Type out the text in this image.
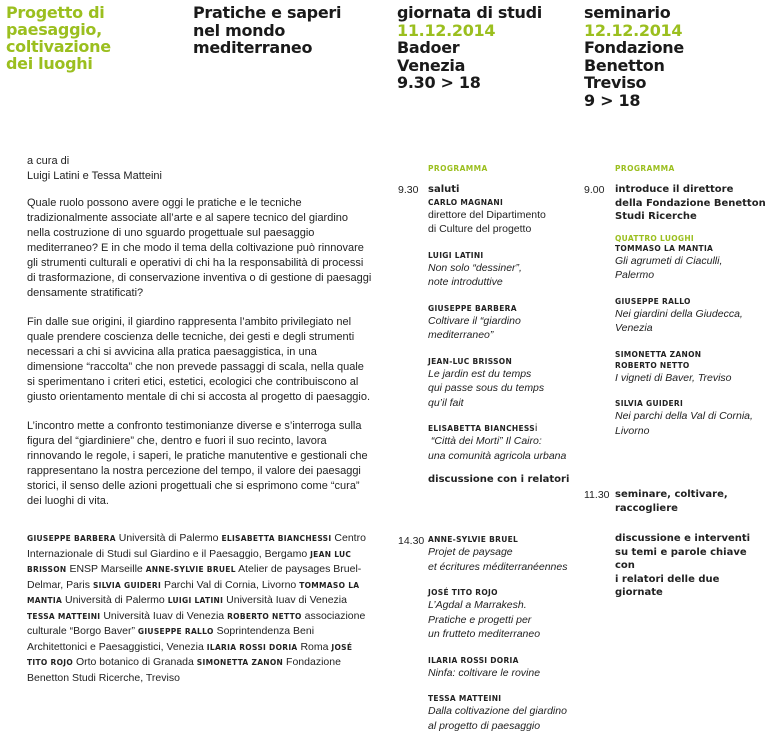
Progetto di
paesaggio,
coltivazione
dei luoghi
Pratiche e saperi
nel mondo
mediterraneo
giornata di studi
11.12.2014
Badoer
Venezia
9.30 > 18
seminario
12.12.2014
Fondazione Benetton
Treviso
9 > 18
a cura di
Luigi Latini e Tessa Matteini

Quale ruolo possono avere oggi le pratiche e le tecniche tradizionalmente associate all’arte e al sapere tecnico del giardino nella costruzione di uno sguardo progettuale sul paesaggio mediterraneo? E in che modo il tema della coltivazione può rinnovare gli strumenti culturali e operativi di chi ha la responsabilità di processi di trasformazione, di conservazione inventiva o di gestione di paesaggi densamente stratificati?

Fin dalle sue origini, il giardino rappresenta l’ambito privilegiato nel quale prendere coscienza delle tecniche, dei gesti e degli strumenti necessari a chi si avvicina alla pratica paesaggistica, in una dimensione “raccolta” che non prevede passaggi di scala, nella quale si sperimentano i criteri etici, estetici, ecologici che contribuiscono al giusto orientamento mentale di chi si accosta al progetto di paesaggio.

L’incontro mette a confronto testimonianze diverse e s’interroga sulla figura del “giardiniere” che, dentro e fuori il suo recinto, lavora rinnovando le regole, i saperi, le pratiche manutentive e gestionali che rappresentano la nostra percezione del tempo, il valore dei paesaggi storici, il senso delle azioni progettuali che si esprimono come “cura” dei luoghi di vita.

GIUSEPPE BARBERA Università di Palermo ELISABETTA BIANCHESSI Centro Internazionale di Studi sul Giardino e il Paesaggio, Bergamo JEAN LUC BRISSON ENSP Marseille ANNE-SYLVIE BRUEL Atelier de paysages Bruel-Delmar, Paris SILVIA GUIDERI Parchi Val di Cornia, Livorno TOMMASO LA MANTIA Università di Palermo LUIGI LATINI Università Iuav di Venezia TESSA MATTEINI Università Iuav di Venezia ROBERTO NETTO associazione culturale “Borgo Baver” GIUSEPPE RALLO Soprintendenza Beni Architettonici e Paesaggistici, Venezia ILARIA ROSSI DORIA Roma JOSÉ TITO ROJO Orto botanico di Granada SIMONETTA ZANON Fondazione Benetton Studi Ricerche, Treviso
PROGRAMMA
9.30 saluti
CARLO MAGNANI
direttore del Dipartimento
di Culture del progetto
LUIGI LATINI
Non solo “dessiner”,
note introduttive
GIUSEPPE BARBERA
Coltivare il “giardino
mediterraneo”
JEAN-LUC BRISSON
Le jardin est du temps
qui passe sous du temps
qu’il fait
ELISABETTA BIANCHESSi
“Città dei Morti” Il Cairo:
una comunità agricola urbana
discussione con i relatori
14.30 ANNE-SYLVIE BRUEL
Projet de paysage
et écritures méditerranéennes
JOSÉ TITO ROJO
L’Agdal a Marrakesh.
Pratiche e progetti per
un frutteto mediterraneo
ILARIA ROSSI DORIA
Ninfa: coltivare le rovine
TESSA MATTEINI
Dalla coltivazione del giardino
al progetto di paesaggio
PROGRAMMA
9.00 introduce il direttore
della Fondazione Benetton
Studi Ricerche
QUATTRO LUOGHI
TOMMASO LA MANTIA
Gli agrumeti di Ciaculli,
Palermo
GIUSEPPE RALLO
Nei giardini della Giudecca,
Venezia
SIMONETTA ZANON
ROBERTO NETTO
I vigneti di Baver, Treviso
SILVIA GUIDERI
Nei parchi della Val di Cornia,
Livorno
11.30 seminare, coltivare,
raccogliere
discussione e interventi
su temi e parole chiave con
i relatori delle due giornate
